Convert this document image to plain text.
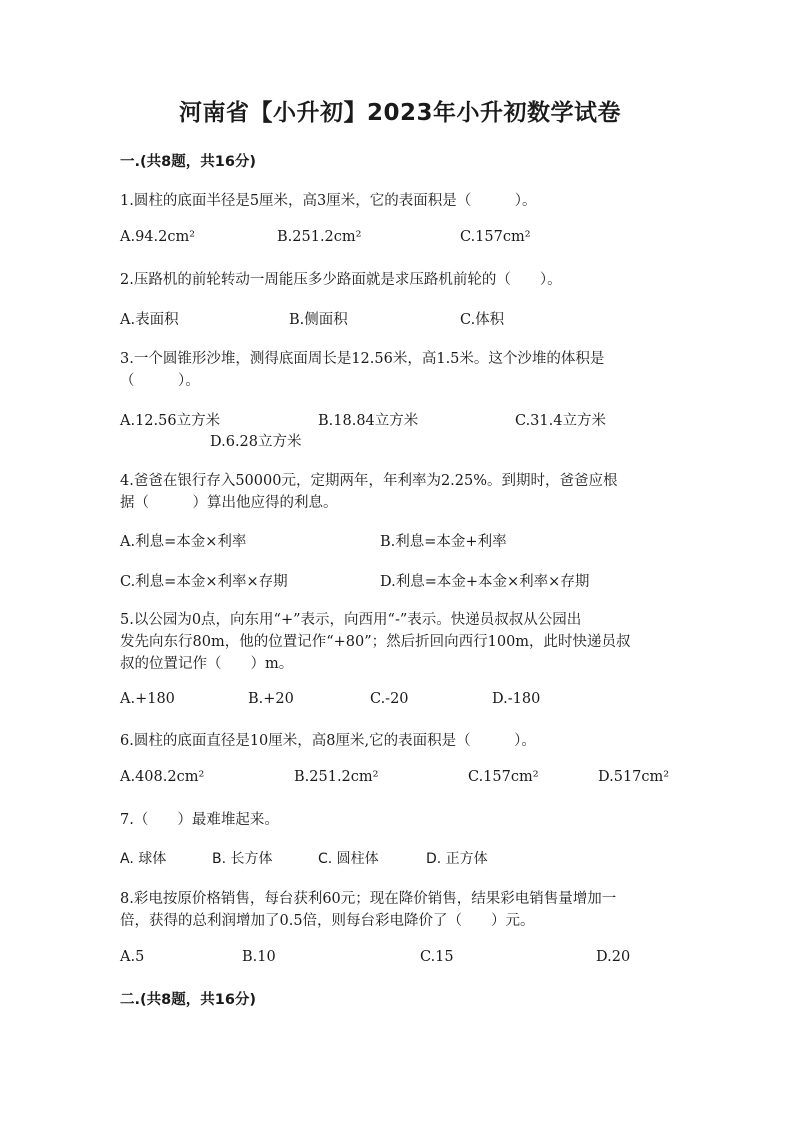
河南省【小升初】2023年小升初数学试卷
一.(共8题，共16分)
1.圆柱的底面半径是5厘米，高3厘米，它的表面积是（　　　）。
A.94.2cm²	B.251.2cm²	C.157cm²
2.压路机的前轮转动一周能压多少路面就是求压路机前轮的（　　）。
A.表面积	B.侧面积	C.体积
3.一个圆锥形沙堆，测得底面周长是12.56米，高1.5米。这个沙堆的体积是
（　　　）。
A.12.56立方米	B.18.84立方米	C.31.4立方米
D.6.28立方米
4.爸爸在银行存入50000元，定期两年，年利率为2.25%。到期时，爸爸应根
据（　　　）算出他应得的利息。
A.利息=本金×利率	B.利息=本金+利率
C.利息=本金×利率×存期	D.利息=本金+本金×利率×存期
5.以公园为0点，向东用“+”表示，向西用“-”表示。快递员叔叔从公园出
发先向东行80m，他的位置记作“+80”；然后折回向西行100m，此时快递员叔
叔的位置记作（　　）m。
A.+180	B.+20	C.-20	D.-180
6.圆柱的底面直径是10厘米，高8厘米,它的表面积是（　　　）。
A.408.2cm²	B.251.2cm²	C.157cm²	D.517cm²
7.（　　）最难堆起来。
A. 球体	B. 长方体	C. 圆柱体	D. 正方体
8.彩电按原价格销售，每台获利60元；现在降价销售，结果彩电销售量增加一
倍，获得的总利润增加了0.5倍，则每台彩电降价了（　　）元。
A.5	B.10	C.15	D.20
二.(共8题，共16分)
